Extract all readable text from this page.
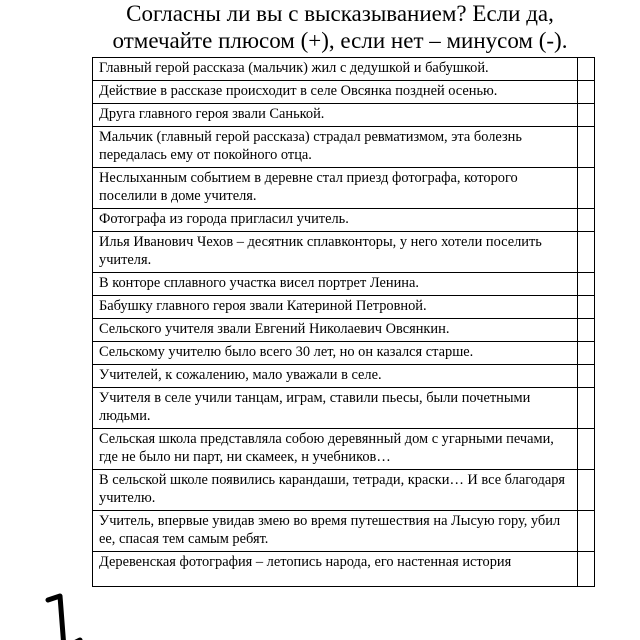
Согласны ли вы с высказыванием? Если да,
отмечайте плюсом (+), если нет – минусом (-).
Главный герой рассказа (мальчик) жил с дедушкой и бабушкой.	
Действие в рассказе происходит в селе Овсянка поздней осенью.	
Друга главного героя звали Санькой.	
Мальчик (главный герой рассказа) страдал ревматизмом, эта болезнь передалась ему от покойного отца.	
Неслыханным событием в деревне стал приезд фотографа, которого поселили в доме учителя.	
Фотографа из города пригласил учитель.	
Илья Иванович Чехов – десятник сплавконторы, у него хотели поселить учителя.	
В конторе сплавного участка висел портрет Ленина.	
Бабушку главного героя звали Катериной Петровной.	
Сельского учителя звали Евгений Николаевич Овсянкин.	
Сельскому учителю было всего 30 лет, но он казался старше.	
Учителей, к сожалению, мало уважали в селе.	
Учителя в селе учили танцам, играм, ставили пьесы, были почетными людьми.	
Сельская школа представляла собою деревянный дом с угарными печами, где не было ни парт, ни скамеек, н учебников…	
В сельской школе появились карандаши, тетради, краски… И все благодаря учителю.	
Учитель, впервые увидав змею во время путешествия на Лысую гору, убил ее, спасая тем самым ребят.	
Деревенская фотография – летопись народа, его настенная история	
